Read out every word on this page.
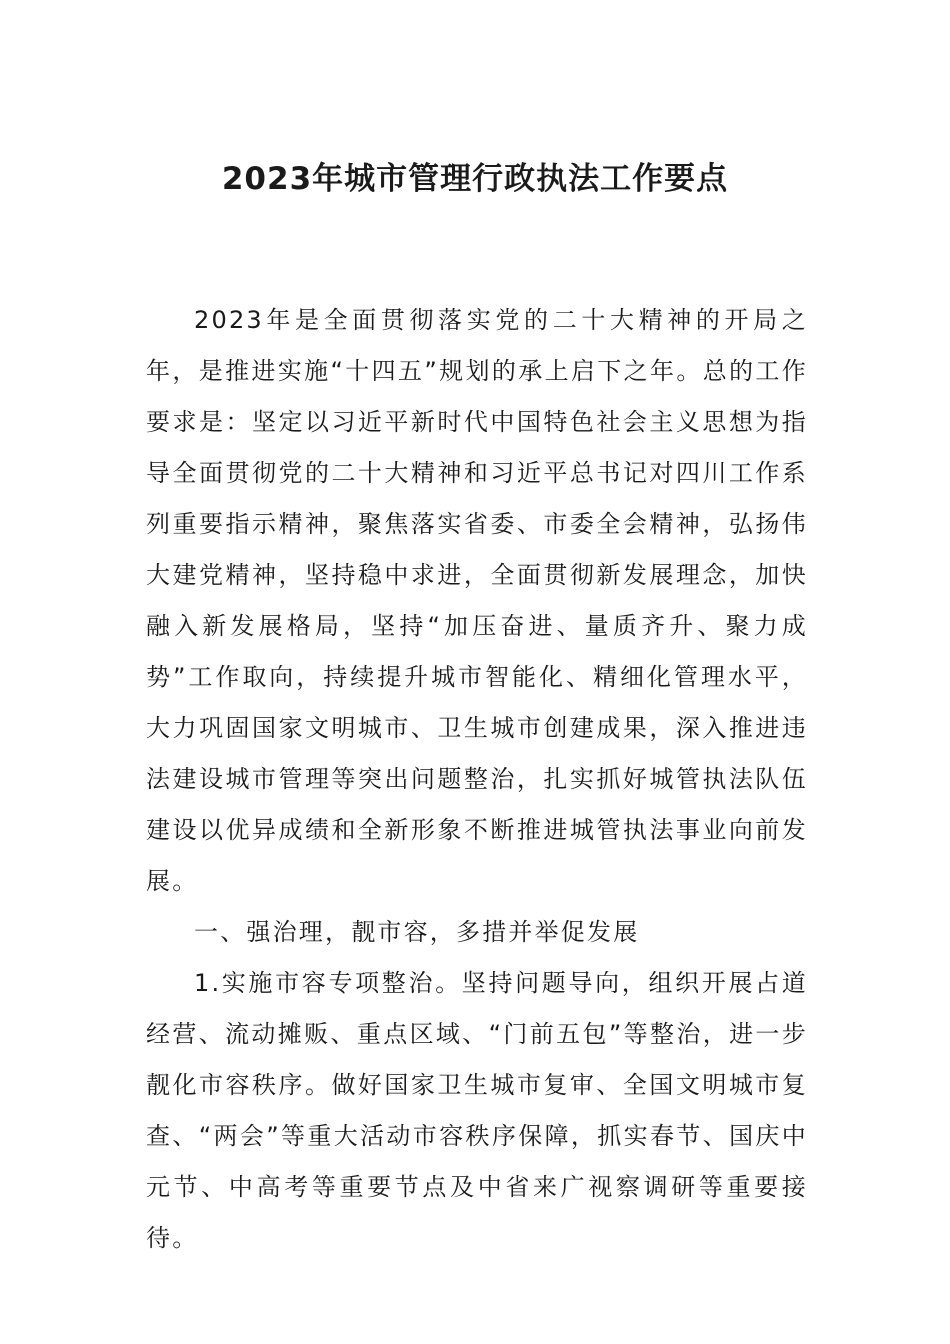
2023年城市管理行政执法工作要点

2023年是全面贯彻落实党的二十大精神的开局之年，是推进实施“十四五”规划的承上启下之年。总的工作要求是：坚定以习近平新时代中国特色社会主义思想为指导全面贯彻党的二十大精神和习近平总书记对四川工作系列重要指示精神，聚焦落实省委、市委全会精神，弘扬伟大建党精神，坚持稳中求进，全面贯彻新发展理念，加快融入新发展格局，坚持“加压奋进、量质齐升、聚力成势”工作取向，持续提升城市智能化、精细化管理水平，大力巩固国家文明城市、卫生城市创建成果，深入推进违法建设城市管理等突出问题整治，扎实抓好城管执法队伍建设以优异成绩和全新形象不断推进城管执法事业向前发展。

一、强治理，靓市容，多措并举促发展

1.实施市容专项整治。坚持问题导向，组织开展占道经营、流动摊贩、重点区域、“门前五包”等整治，进一步靓化市容秩序。做好国家卫生城市复审、全国文明城市复查、“两会”等重大活动市容秩序保障，抓实春节、国庆中元节、中高考等重要节点及中省来广视察调研等重要接待。
